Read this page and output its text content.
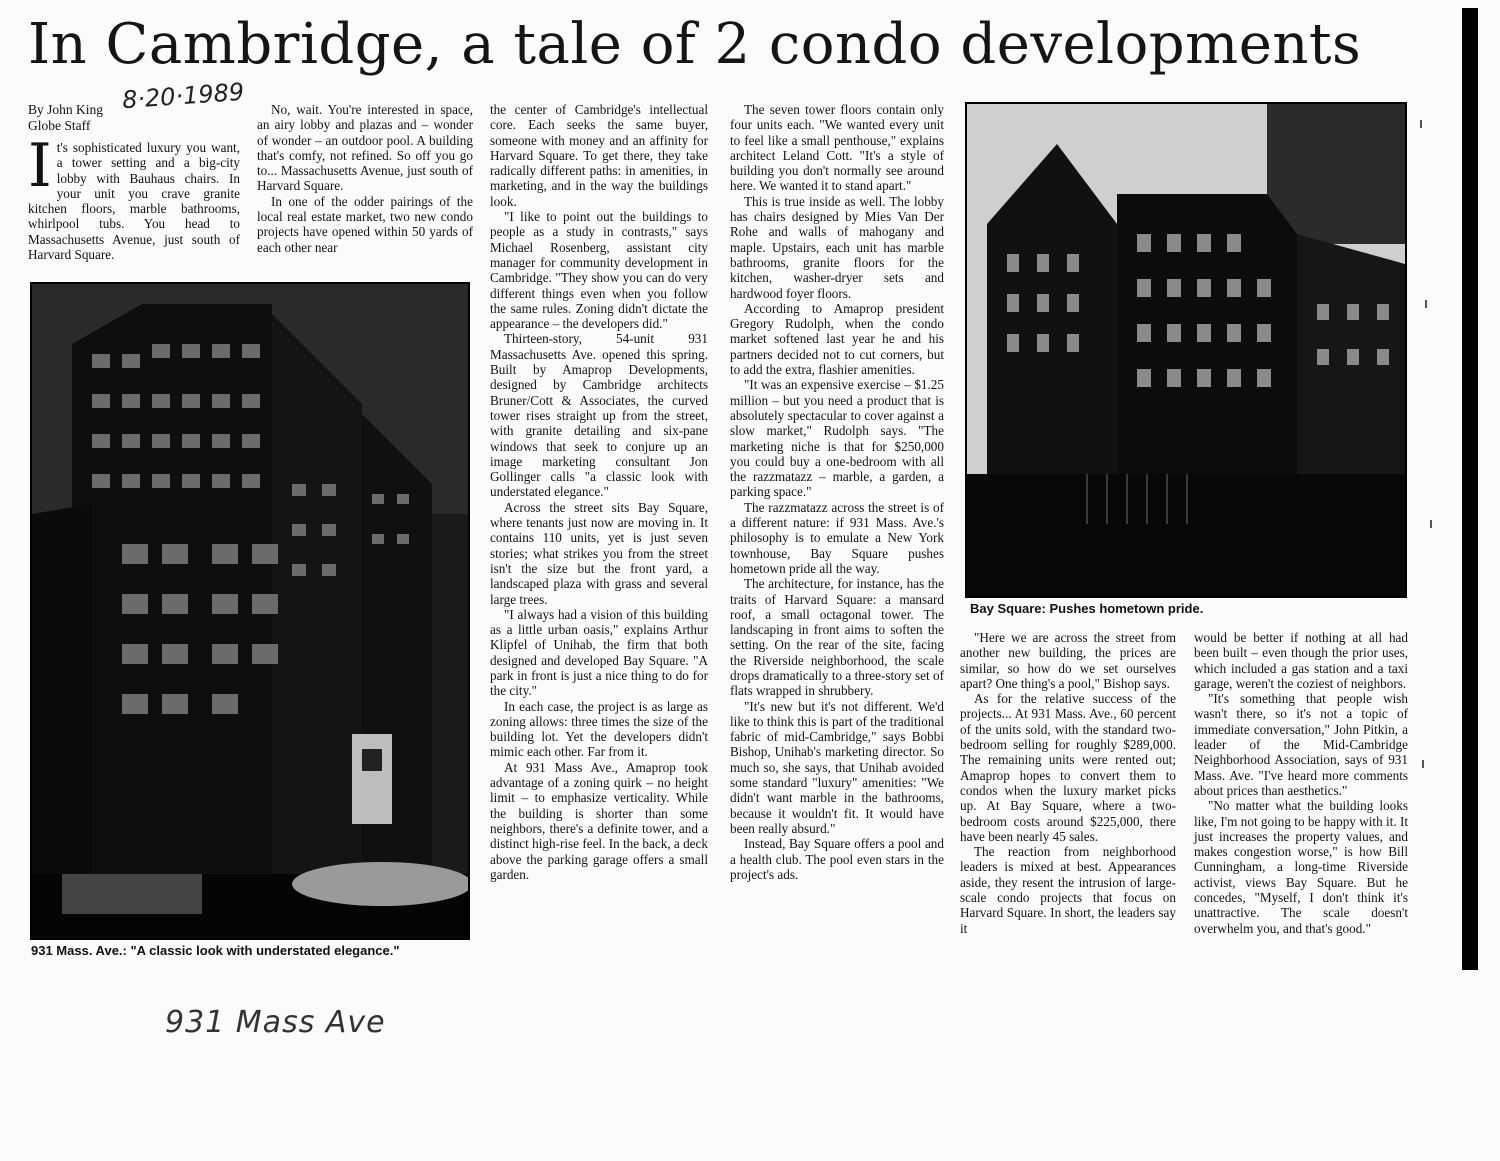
In Cambridge, a tale of 2 condo developments
8·20·1989
By John King
Globe Staff
I t's sophisticated luxury you want, a tower setting and a big-city lobby with Bauhaus chairs. In your unit you crave granite kitchen floors, marble bathrooms, whirlpool tubs. You head to Massachusetts Avenue, just south of Harvard Square.

No, wait. You're interested in space, an airy lobby and plazas and – wonder of wonder – an outdoor pool. A building that's comfy, not refined. So off you go to... Massachusetts Avenue, just south of Harvard Square.

In one of the odder pairings of the local real estate market, two new condo projects have opened within 50 yards of each other near

931 Mass. Ave.: "A classic look with understated elegance."

the center of Cambridge's intellectual core. Each seeks the same buyer, someone with money and an affinity for Harvard Square. To get there, they take radically different paths: in amenities, in marketing, and in the way the buildings look.

"I like to point out the buildings to people as a study in contrasts," says Michael Rosenberg, assistant city manager for community development in Cambridge. "They show you can do very different things even when you follow the same rules. Zoning didn't dictate the appearance – the developers did."

Thirteen-story, 54-unit 931 Massachusetts Ave. opened this spring. Built by Amaprop Developments, designed by Cambridge architects Bruner/Cott & Associates, the curved tower rises straight up from the street, with granite detailing and six-pane windows that seek to conjure up an image marketing consultant Jon Gollinger calls "a classic look with understated elegance."

Across the street sits Bay Square, where tenants just now are moving in. It contains 110 units, yet is just seven stories; what strikes you from the street isn't the size but the front yard, a landscaped plaza with grass and several large trees.

"I always had a vision of this building as a little urban oasis," explains Arthur Klipfel of Unihab, the firm that both designed and developed Bay Square. "A park in front is just a nice thing to do for the city."

In each case, the project is as large as zoning allows: three times the size of the building lot. Yet the developers didn't mimic each other. Far from it.

At 931 Mass Ave., Amaprop took advantage of a zoning quirk – no height limit – to emphasize verticality. While the building is shorter than some neighbors, there's a definite tower, and a distinct high-rise feel. In the back, a deck above the parking garage offers a small garden.

The seven tower floors contain only four units each. "We wanted every unit to feel like a small penthouse," explains architect Leland Cott. "It's a style of building you don't normally see around here. We wanted it to stand apart."

This is true inside as well. The lobby has chairs designed by Mies Van Der Rohe and walls of mahogany and maple. Upstairs, each unit has marble bathrooms, granite floors for the kitchen, washer-dryer sets and hardwood foyer floors.

According to Amaprop president Gregory Rudolph, when the condo market softened last year he and his partners decided not to cut corners, but to add the extra, flashier amenities.

"It was an expensive exercise – $1.25 million – but you need a product that is absolutely spectacular to cover against a slow market," Rudolph says. "The marketing niche is that for $250,000 you could buy a one-bedroom with all the razzmatazz – marble, a garden, a parking space."

The razzmatazz across the street is of a different nature: if 931 Mass. Ave.'s philosophy is to emulate a New York townhouse, Bay Square pushes hometown pride all the way.

The architecture, for instance, has the traits of Harvard Square: a mansard roof, a small octagonal tower. The landscaping in front aims to soften the setting. On the rear of the site, facing the Riverside neighborhood, the scale drops dramatically to a three-story set of flats wrapped in shrubbery.

"It's new but it's not different. We'd like to think this is part of the traditional fabric of mid-Cambridge," says Bobbi Bishop, Unihab's marketing director. So much so, she says, that Unihab avoided some standard "luxury" amenities: "We didn't want marble in the bathrooms, because it wouldn't fit. It would have been really absurd."

Instead, Bay Square offers a pool and a health club. The pool even stars in the project's ads.

Bay Square: Pushes hometown pride.

"Here we are across the street from another new building, the prices are similar, so how do we set ourselves apart? One thing's a pool," Bishop says.

As for the relative success of the projects... At 931 Mass. Ave., 60 percent of the units sold, with the standard two-bedroom selling for roughly $289,000. The remaining units were rented out; Amaprop hopes to convert them to condos when the luxury market picks up. At Bay Square, where a two-bedroom costs around $225,000, there have been nearly 45 sales.

The reaction from neighborhood leaders is mixed at best. Appearances aside, they resent the intrusion of large-scale condo projects that focus on Harvard Square. In short, the leaders say it

would be better if nothing at all had been built – even though the prior uses, which included a gas station and a taxi garage, weren't the coziest of neighbors.

"It's something that people wish wasn't there, so it's not a topic of immediate conversation," John Pitkin, a leader of the Mid-Cambridge Neighborhood Association, says of 931 Mass. Ave. "I've heard more comments about prices than aesthetics."

"No matter what the building looks like, I'm not going to be happy with it. It just increases the property values, and makes congestion worse," is how Bill Cunningham, a long-time Riverside activist, views Bay Square. But he concedes, "Myself, I don't think it's unattractive. The scale doesn't overwhelm you, and that's good."

931 Mass Ave
